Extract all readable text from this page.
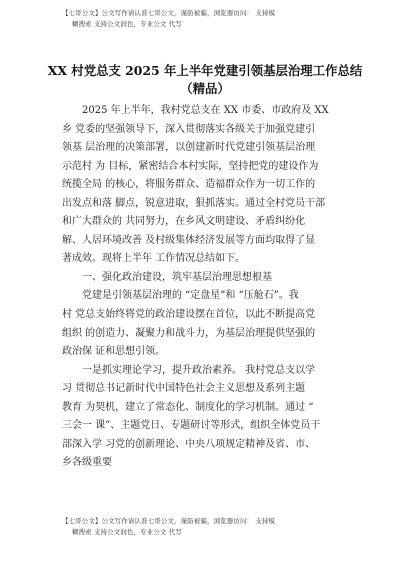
【七哥公文】公文写作请认准七哥公文，谨防被骗，浏览器访问： 支持模
糊搜索 支持公文润色，专业公文 代写
XX 村党总支 2025 年上半年党建引领基层治理工作总结
（精品）
2025 年上半年，我村党总支在 XX 市委、市政府及 XX
乡 党委的坚强领导下，深入贯彻落实各级关于加强党建引
领基 层治理的决策部署，以创建新时代党建引领基层治理
示范村 为 目标，紧密结合本村实际，坚持把党的建设作为
统揽全局 的核心，将服务群众、造福群众作为一切工作的
出发点和落 脚点，锐意进取，狠抓落实。通过全村党员干部
和广大群众的 共同努力，在乡风文明建设、矛盾纠纷化
解、人居环境改善 及村级集体经济发展等方面均取得了显
著成效。现将上半年 工作情况总结如下。
一、强化政治建设，筑牢基层治理思想根基
党建是引领基层治理的 “定盘星”和 “压舱石”。我
村 党总支始终将党的政治建设摆在首位，以此不断提高党
组织 的创造力、凝聚力和战斗力，为基层治理提供坚强的
政治保 证和思想引领。
一是抓实理论学习，提升政治素养。 我村党总支以学
习 贯彻总书记新时代中国特色社会主义思想及系列主题
教育 为契机，建立了常态化、制度化的学习机制。通过 “
三会一 课”、主题党日、专题研讨等形式，组织全体党员干
部深入学 习党的创新理论、中央八项规定精神及省、市、
乡各级重要
【七哥公文】公文写作请认准七哥公文，谨防被骗，浏览器访问： 支持模
糊搜索 支持公文润色，专业公文 代写
